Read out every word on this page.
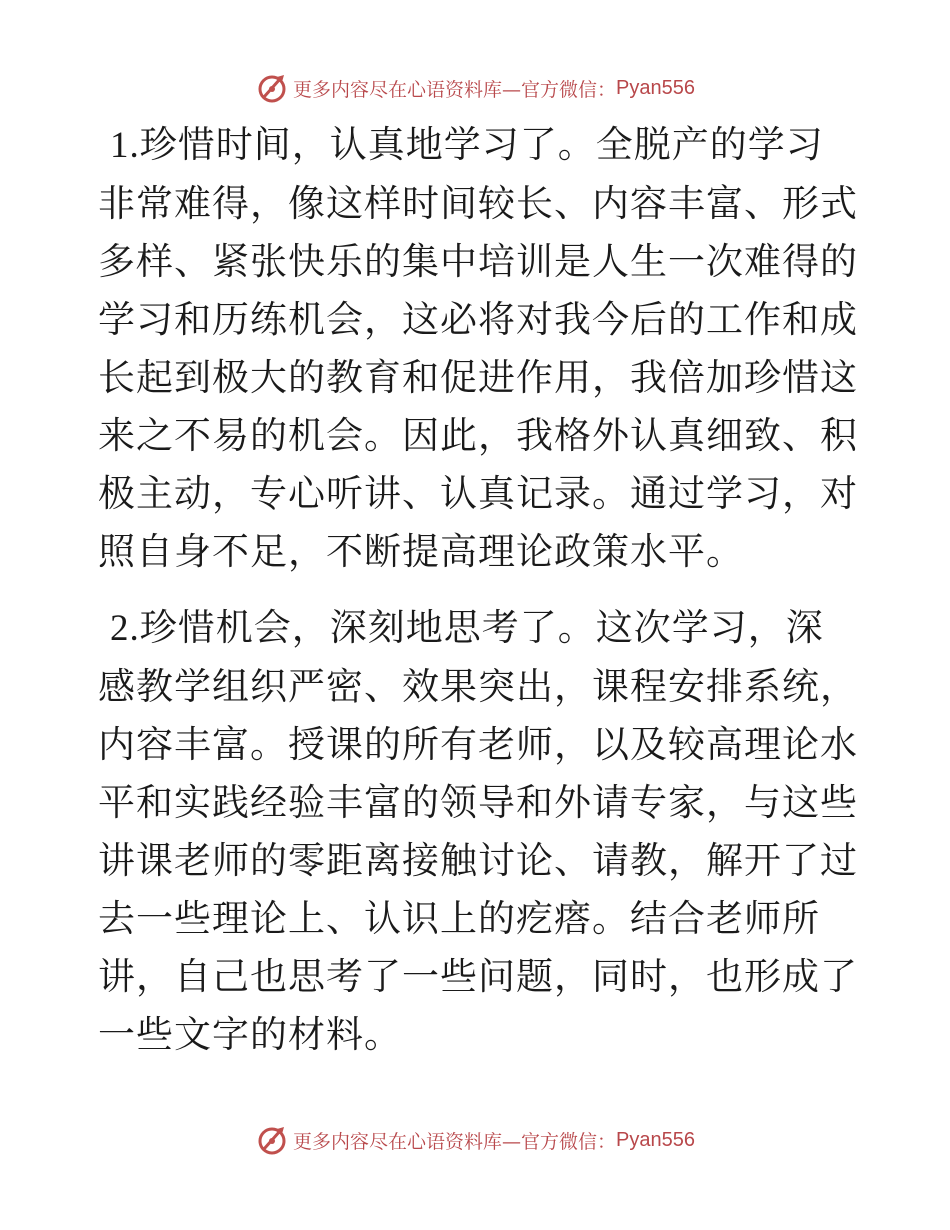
更多内容尽在心语资料库—官方微信： Pyan556

1.珍惜时间，认真地学习了。全脱产的学习非常难得，像这样时间较长、内容丰富、形式多样、紧张快乐的集中培训是人生一次难得的学习和历练机会，这必将对我今后的工作和成长起到极大的教育和促进作用，我倍加珍惜这来之不易的机会。因此，我格外认真细致、积极主动，专心听讲、认真记录。通过学习，对照自身不足，不断提高理论政策水平。

2.珍惜机会，深刻地思考了。这次学习，深感教学组织严密、效果突出，课程安排系统，内容丰富。授课的所有老师，以及较高理论水平和实践经验丰富的领导和外请专家，与这些讲课老师的零距离接触讨论、请教，解开了过去一些理论上、认识上的疙瘩。结合老师所讲，自己也思考了一些问题，同时，也形成了一些文字的材料。

更多内容尽在心语资料库—官方微信： Pyan556
